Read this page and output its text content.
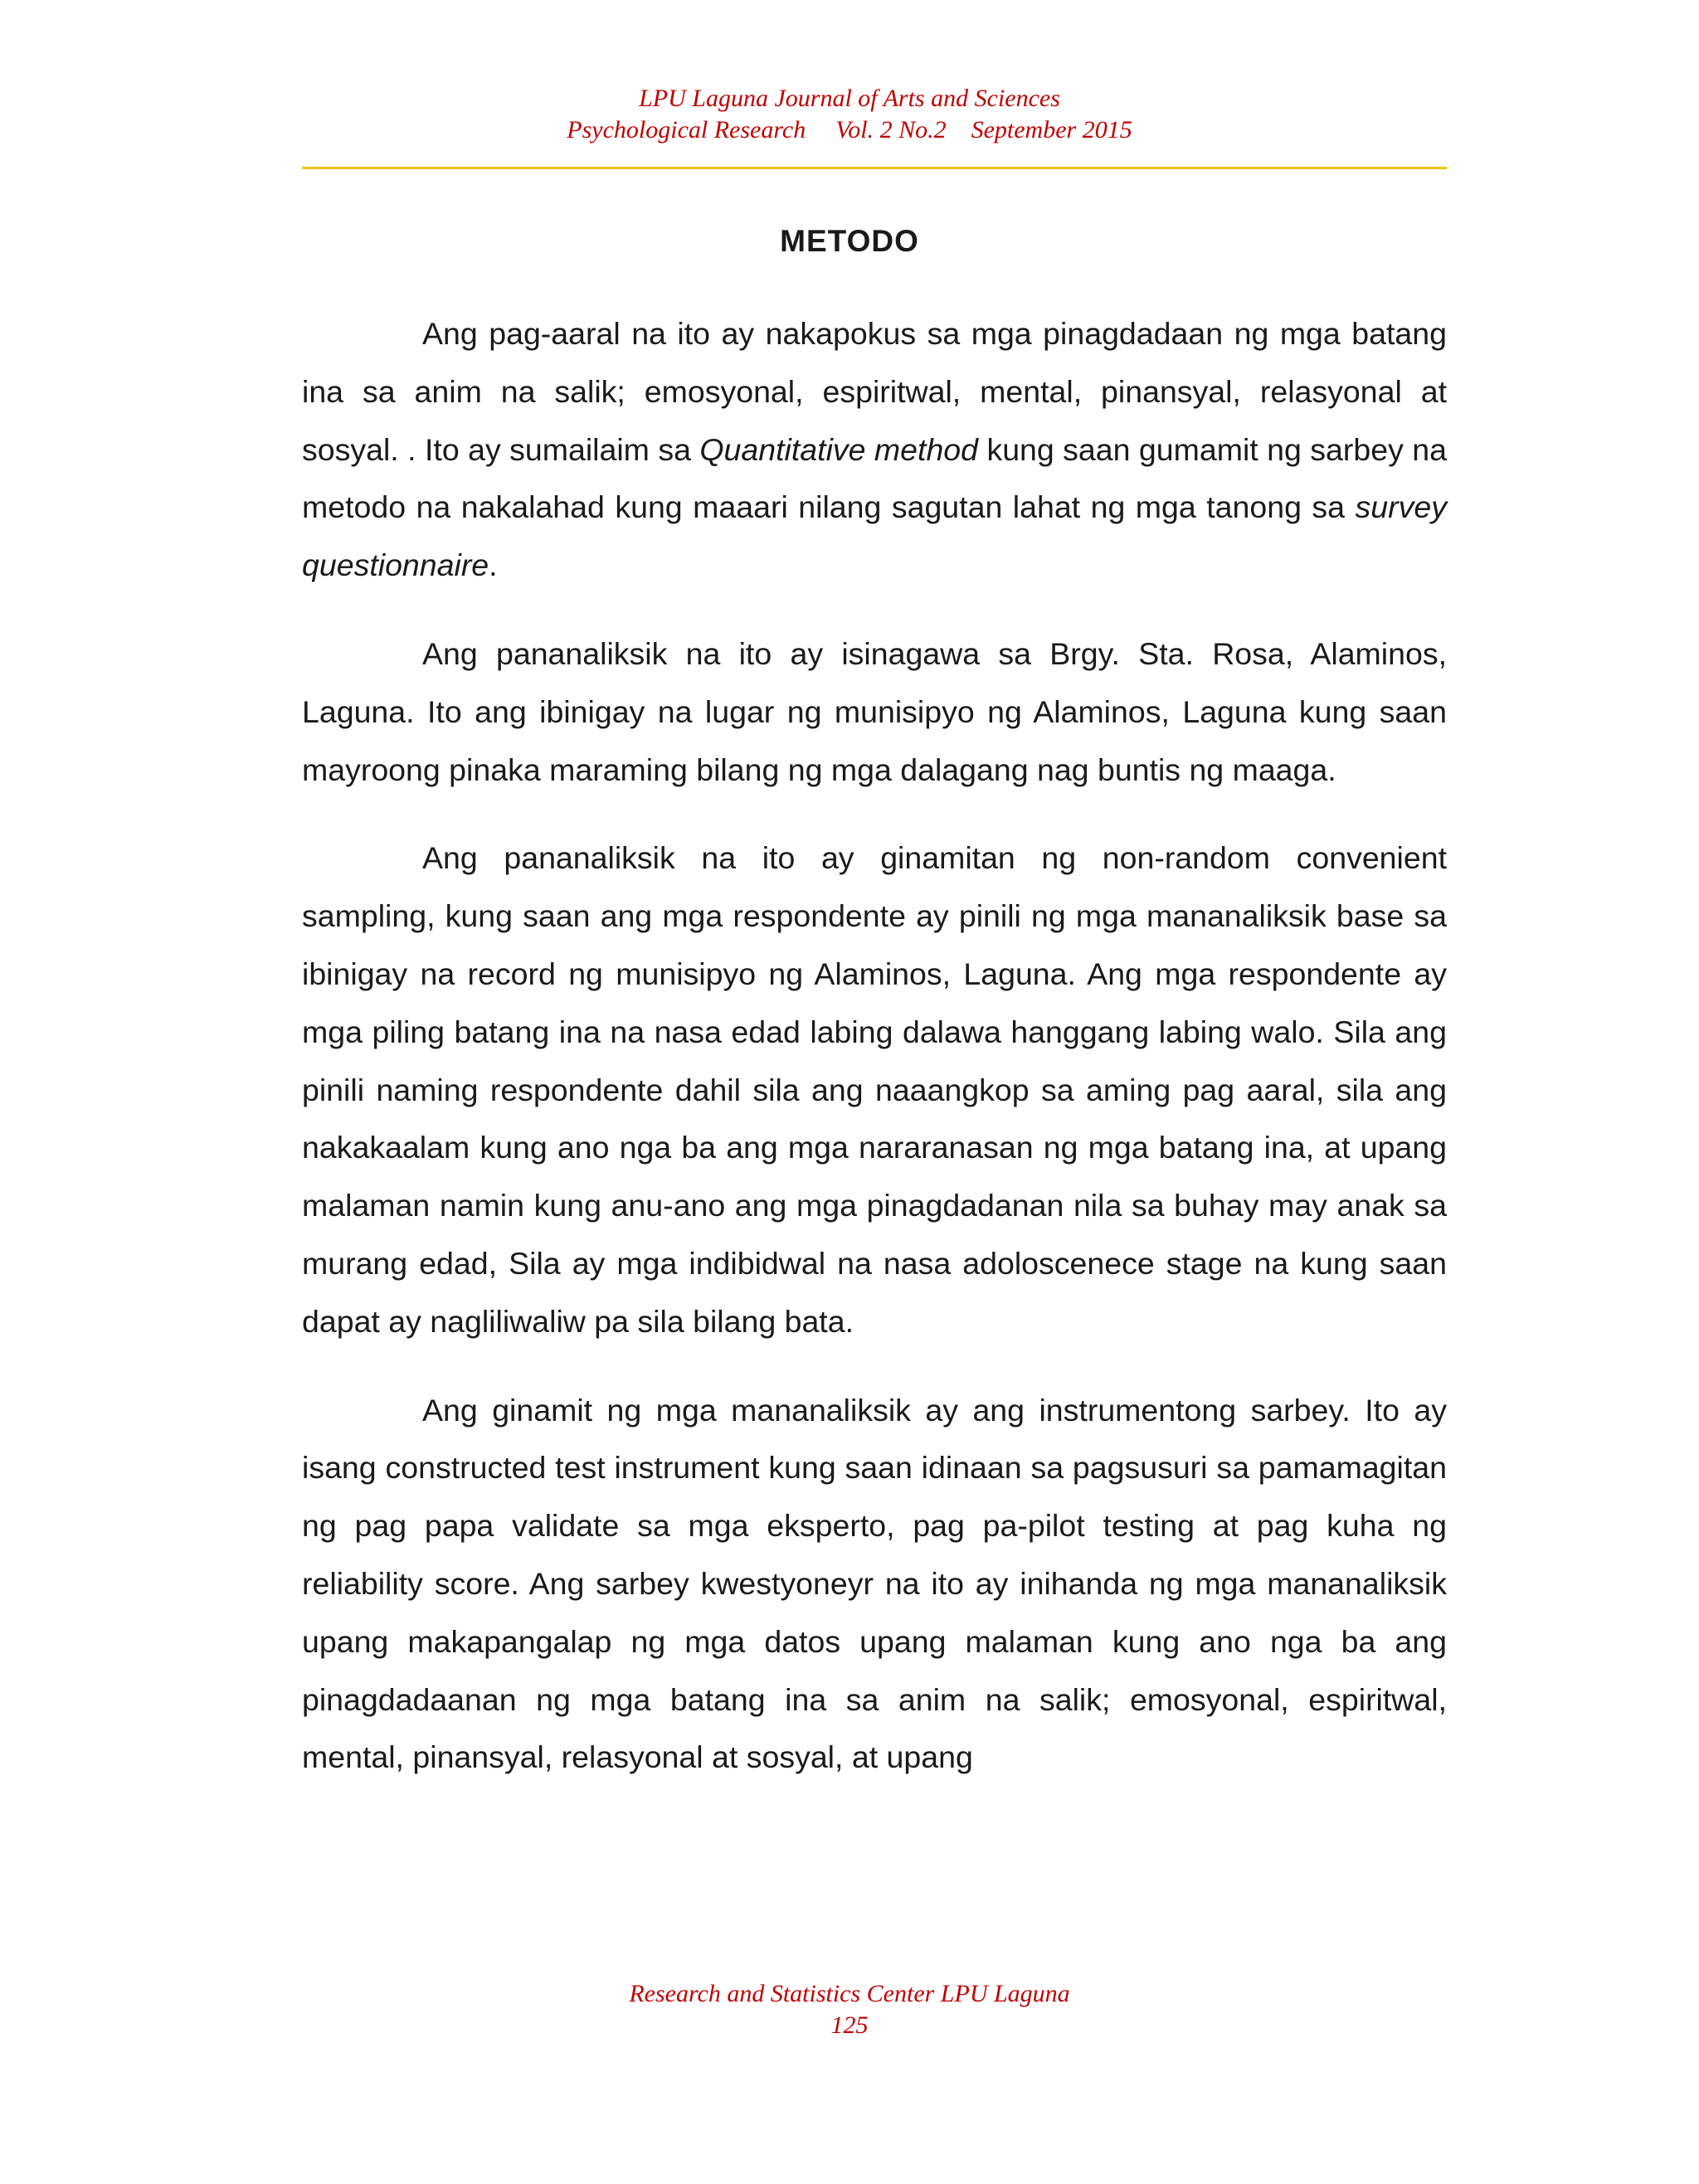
LPU Laguna Journal of Arts and Sciences
Psychological Research Vol. 2 No.2 September 2015
METODO

Ang pag-aaral na ito ay nakapokus sa mga pinagdadaan ng mga batang ina sa anim na salik; emosyonal, espiritwal, mental, pinansyal, relasyonal at sosyal. . Ito ay sumailaim sa Quantitative method kung saan gumamit ng sarbey na metodo na nakalahad kung maaari nilang sagutan lahat ng mga tanong sa survey questionnaire.

Ang pananaliksik na ito ay isinagawa sa Brgy. Sta. Rosa, Alaminos, Laguna. Ito ang ibinigay na lugar ng munisipyo ng Alaminos, Laguna kung saan mayroong pinaka maraming bilang ng mga dalagang nag buntis ng maaga.

Ang pananaliksik na ito ay ginamitan ng non-random convenient sampling, kung saan ang mga respondente ay pinili ng mga mananaliksik base sa ibinigay na record ng munisipyo ng Alaminos, Laguna. Ang mga respondente ay mga piling batang ina na nasa edad labing dalawa hanggang labing walo. Sila ang pinili naming respondente dahil sila ang naaangkop sa aming pag aaral, sila ang nakakaalam kung ano nga ba ang mga nararanasan ng mga batang ina, at upang malaman namin kung anu-ano ang mga pinagdadanan nila sa buhay may anak sa murang edad, Sila ay mga indibidwal na nasa adoloscenece stage na kung saan dapat ay nagliliwaliw pa sila bilang bata.

Ang ginamit ng mga mananaliksik ay ang instrumentong sarbey. Ito ay isang constructed test instrument kung saan idinaan sa pagsusuri sa pamamagitan ng pag papa validate sa mga eksperto, pag pa-pilot testing at pag kuha ng reliability score. Ang sarbey kwestyoneyr na ito ay inihanda ng mga mananaliksik upang makapangalap ng mga datos upang malaman kung ano nga ba ang pinagdadaanan ng mga batang ina sa anim na salik; emosyonal, espiritwal, mental, pinansyal, relasyonal at sosyal, at upang

Research and Statistics Center LPU Laguna
125
